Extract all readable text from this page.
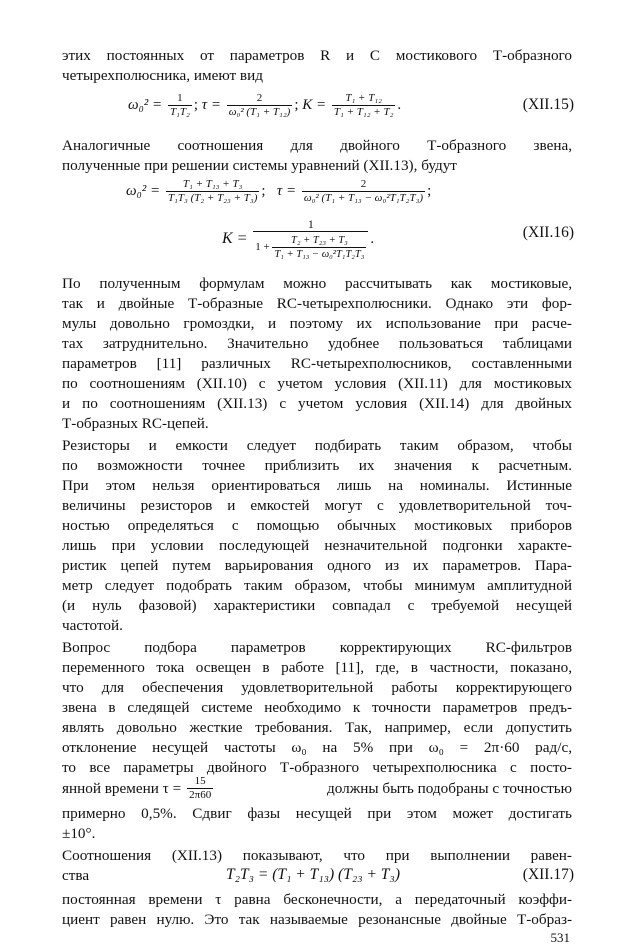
этих постоянных от параметров R и C мостикового Т-образного
четырехполюсника, имеют вид
$\omega_0^2 = \frac{1}{\text{T₁T₂}}$ ; $\tau = \frac{2}{\text{ω₀² (T₁ + T₁₂)}}$ ; $K = \frac{\text{T₁ + T₁₂}}{\text{T₁ + T₁₂ + T₂}}$ .	(XII.15)
Аналогичные соотношения для двойного Т-образного звена,
полученные при решении системы уравнений (XII.13), будут
$\omega_0^2 = \frac{\text{T₁ + T₁₃ + T₃}}{\text{T₁T₃ (T₂ + T₂₃ + T₃)}}$ ; $\tau = \frac{2}{\text{ω₀² (T₁ + T₁₃ − ω₀²T₁T₂T₃)}}$ ;
$K = \frac{1}{1 + \frac{\text{T₂ + T₂₃ + T₃}}{\text{T₁ + T₁₃ − ω₀²T₁T₂T₃}}}$ .	(XII.16)
По полученным формулам можно рассчитывать как мостиковые,
так и двойные Т-образные RC-четырехполюсники. Однако эти фор-
мулы довольно громоздки, и поэтому их использование при расче-
тах затруднительно. Значительно удобнее пользоваться таблицами
параметров [11] различных RC-четырехполюсников, составленными
по соотношениям (XII.10) с учетом условия (XII.11) для мостиковых
и по соотношениям (XII.13) с учетом условия (XII.14) для двойных
Т-образных RC-цепей.
Резисторы и емкости следует подбирать таким образом, чтобы
по возможности точнее приблизить их значения к расчетным.
При этом нельзя ориентироваться лишь на номиналы. Истинные
величины резисторов и емкостей могут с удовлетворительной точ-
ностью определяться с помощью обычных мостиковых приборов
лишь при условии последующей незначительной подгонки характе-
ристик цепей путем варьирования одного из их параметров. Пара-
метр следует подобрать таким образом, чтобы минимум амплитудной
(и нуль фазовой) характеристики совпадал с требуемой несущей
частотой.
Вопрос подбора параметров корректирующих RC-фильтров
переменного тока освещен в работе [11], где, в частности, показано,
что для обеспечения удовлетворительной работы корректирующего
звена в следящей системе необходимо к точности параметров предъ-
являть довольно жесткие требования. Так, например, если допустить
отклонение несущей частоты ω₀ на 5% при ω₀ = 2π·60 рад/с,
то все параметры двойного Т-образного четырехполюсника с посто-
янной времени $\tau = \frac{15}{2\pi 60}$	должны быть подобраны с точностью
примерно 0,5%. Сдвиг фазы несущей при этом может достигать
±10°.
Соотношения (XII.13) показывают, что при выполнении равен-
ства	T₂T₃ = (T₁ + T₁₃) (T₂₃ + T₃)	(XII.17)
постоянная времени τ равна бесконечности, а передаточный коэффи-
циент равен нулю. Это так называемые резонансные двойные Т-образ-
531
